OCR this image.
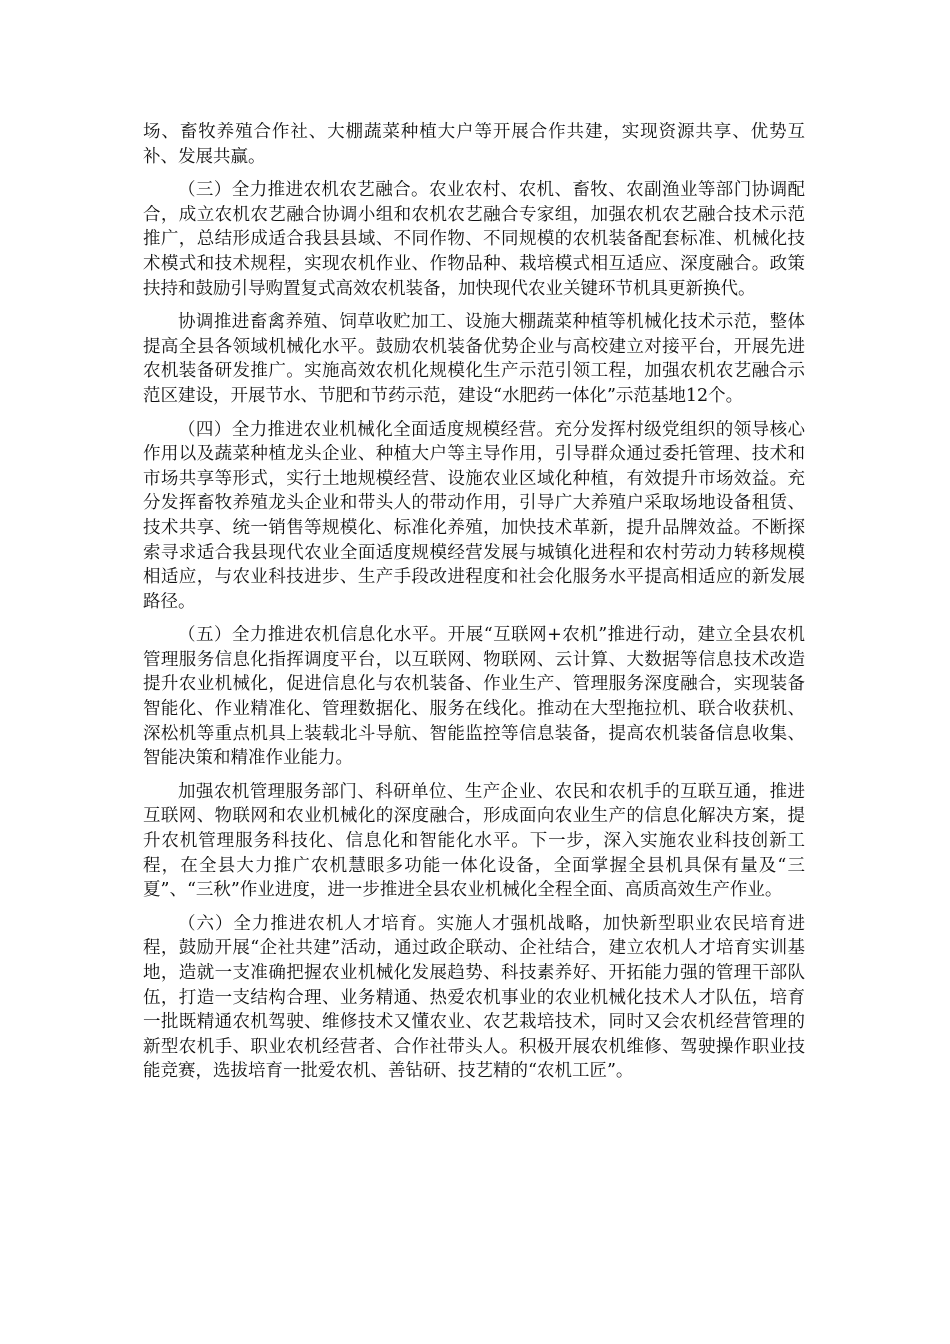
场、畜牧养殖合作社、大棚蔬菜种植大户等开展合作共建，实现资源共享、优势互补、发展共赢。

（三）全力推进农机农艺融合。农业农村、农机、畜牧、农副渔业等部门协调配合，成立农机农艺融合协调小组和农机农艺融合专家组，加强农机农艺融合技术示范推广，总结形成适合我县县域、不同作物、不同规模的农机装备配套标准、机械化技术模式和技术规程，实现农机作业、作物品种、栽培模式相互适应、深度融合。政策扶持和鼓励引导购置复式高效农机装备，加快现代农业关键环节机具更新换代。

协调推进畜禽养殖、饲草收贮加工、设施大棚蔬菜种植等机械化技术示范，整体提高全县各领域机械化水平。鼓励农机装备优势企业与高校建立对接平台，开展先进农机装备研发推广。实施高效农机化规模化生产示范引领工程，加强农机农艺融合示范区建设，开展节水、节肥和节药示范，建设“水肥药一体化”示范基地12个。

（四）全力推进农业机械化全面适度规模经营。充分发挥村级党组织的领导核心作用以及蔬菜种植龙头企业、种植大户等主导作用，引导群众通过委托管理、技术和市场共享等形式，实行土地规模经营、设施农业区域化种植，有效提升市场效益。充分发挥畜牧养殖龙头企业和带头人的带动作用，引导广大养殖户采取场地设备租赁、技术共享、统一销售等规模化、标准化养殖，加快技术革新，提升品牌效益。不断探索寻求适合我县现代农业全面适度规模经营发展与城镇化进程和农村劳动力转移规模相适应，与农业科技进步、生产手段改进程度和社会化服务水平提高相适应的新发展路径。

（五）全力推进农机信息化水平。开展“互联网+农机”推进行动，建立全县农机管理服务信息化指挥调度平台，以互联网、物联网、云计算、大数据等信息技术改造提升农业机械化，促进信息化与农机装备、作业生产、管理服务深度融合，实现装备智能化、作业精准化、管理数据化、服务在线化。推动在大型拖拉机、联合收获机、深松机等重点机具上装载北斗导航、智能监控等信息装备，提高农机装备信息收集、智能决策和精准作业能力。

加强农机管理服务部门、科研单位、生产企业、农民和农机手的互联互通，推进互联网、物联网和农业机械化的深度融合，形成面向农业生产的信息化解决方案，提升农机管理服务科技化、信息化和智能化水平。下一步，深入实施农业科技创新工程，在全县大力推广农机慧眼多功能一体化设备，全面掌握全县机具保有量及“三夏”、“三秋”作业进度，进一步推进全县农业机械化全程全面、高质高效生产作业。

（六）全力推进农机人才培育。实施人才强机战略，加快新型职业农民培育进程，鼓励开展“企社共建”活动，通过政企联动、企社结合，建立农机人才培育实训基地，造就一支准确把握农业机械化发展趋势、科技素养好、开拓能力强的管理干部队伍，打造一支结构合理、业务精通、热爱农机事业的农业机械化技术人才队伍，培育一批既精通农机驾驶、维修技术又懂农业、农艺栽培技术，同时又会农机经营管理的新型农机手、职业农机经营者、合作社带头人。积极开展农机维修、驾驶操作职业技能竞赛，选拔培育一批爱农机、善钻研、技艺精的“农机工匠”。
